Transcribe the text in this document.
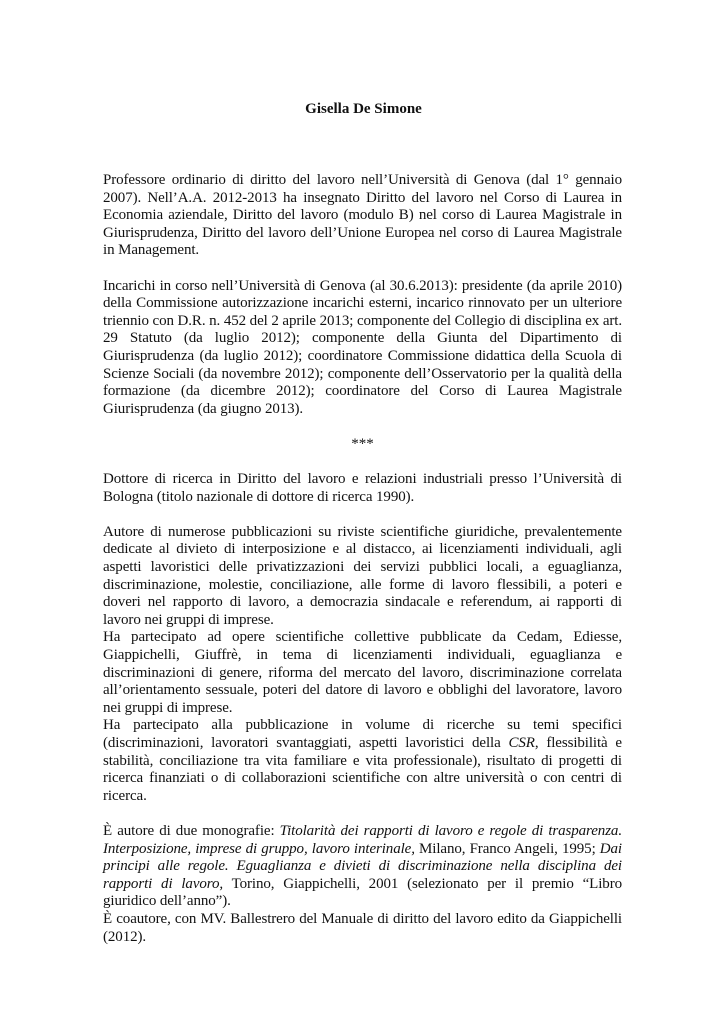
Gisella De Simone

Professore ordinario di diritto del lavoro nell’Università di Genova (dal 1° gennaio 2007). Nell’A.A. 2012-2013 ha insegnato Diritto del lavoro nel Corso di Laurea in Economia aziendale, Diritto del lavoro (modulo B) nel corso di Laurea Magistrale in Giurisprudenza, Diritto del lavoro dell’Unione Europea nel corso di Laurea Magistrale in Management.

Incarichi in corso nell’Università di Genova (al 30.6.2013): presidente (da aprile 2010) della Commissione autorizzazione incarichi esterni, incarico rinnovato per un ulteriore triennio con D.R. n. 452 del 2 aprile 2013; componente del Collegio di disciplina ex art. 29 Statuto (da luglio 2012); componente della Giunta del Dipartimento di Giurisprudenza (da luglio 2012); coordinatore Commissione didattica della Scuola di Scienze Sociali (da novembre 2012); componente dell’Osservatorio per la qualità della formazione (da dicembre 2012); coordinatore del Corso di Laurea Magistrale Giurisprudenza (da giugno 2013).

***

Dottore di ricerca in Diritto del lavoro e relazioni industriali presso l’Università di Bologna (titolo nazionale di dottore di ricerca 1990).

Autore di numerose pubblicazioni su riviste scientifiche giuridiche, prevalentemente dedicate al divieto di interposizione e al distacco, ai licenziamenti individuali, agli aspetti lavoristici delle privatizzazioni dei servizi pubblici locali, a eguaglianza, discriminazione, molestie, conciliazione, alle forme di lavoro flessibili, a poteri e doveri nel rapporto di lavoro, a democrazia sindacale e referendum, ai rapporti di lavoro nei gruppi di imprese.

Ha partecipato ad opere scientifiche collettive pubblicate da Cedam, Ediesse, Giappichelli, Giuffrè, in tema di licenziamenti individuali, eguaglianza e discriminazioni di genere, riforma del mercato del lavoro, discriminazione correlata all’orientamento sessuale, poteri del datore di lavoro e obblighi del lavoratore, lavoro nei gruppi di imprese.

Ha partecipato alla pubblicazione in volume di ricerche su temi specifici (discriminazioni, lavoratori svantaggiati, aspetti lavoristici della CSR, flessibilità e stabilità, conciliazione tra vita familiare e vita professionale), risultato di progetti di ricerca finanziati o di collaborazioni scientifiche con altre università o con centri di ricerca.

È autore di due monografie: Titolarità dei rapporti di lavoro e regole di trasparenza. Interposizione, imprese di gruppo, lavoro interinale, Milano, Franco Angeli, 1995; Dai principi alle regole. Eguaglianza e divieti di discriminazione nella disciplina dei rapporti di lavoro, Torino, Giappichelli, 2001 (selezionato per il premio “Libro giuridico dell’anno”).

È coautore, con MV. Ballestrero del Manuale di diritto del lavoro edito da Giappichelli (2012).
